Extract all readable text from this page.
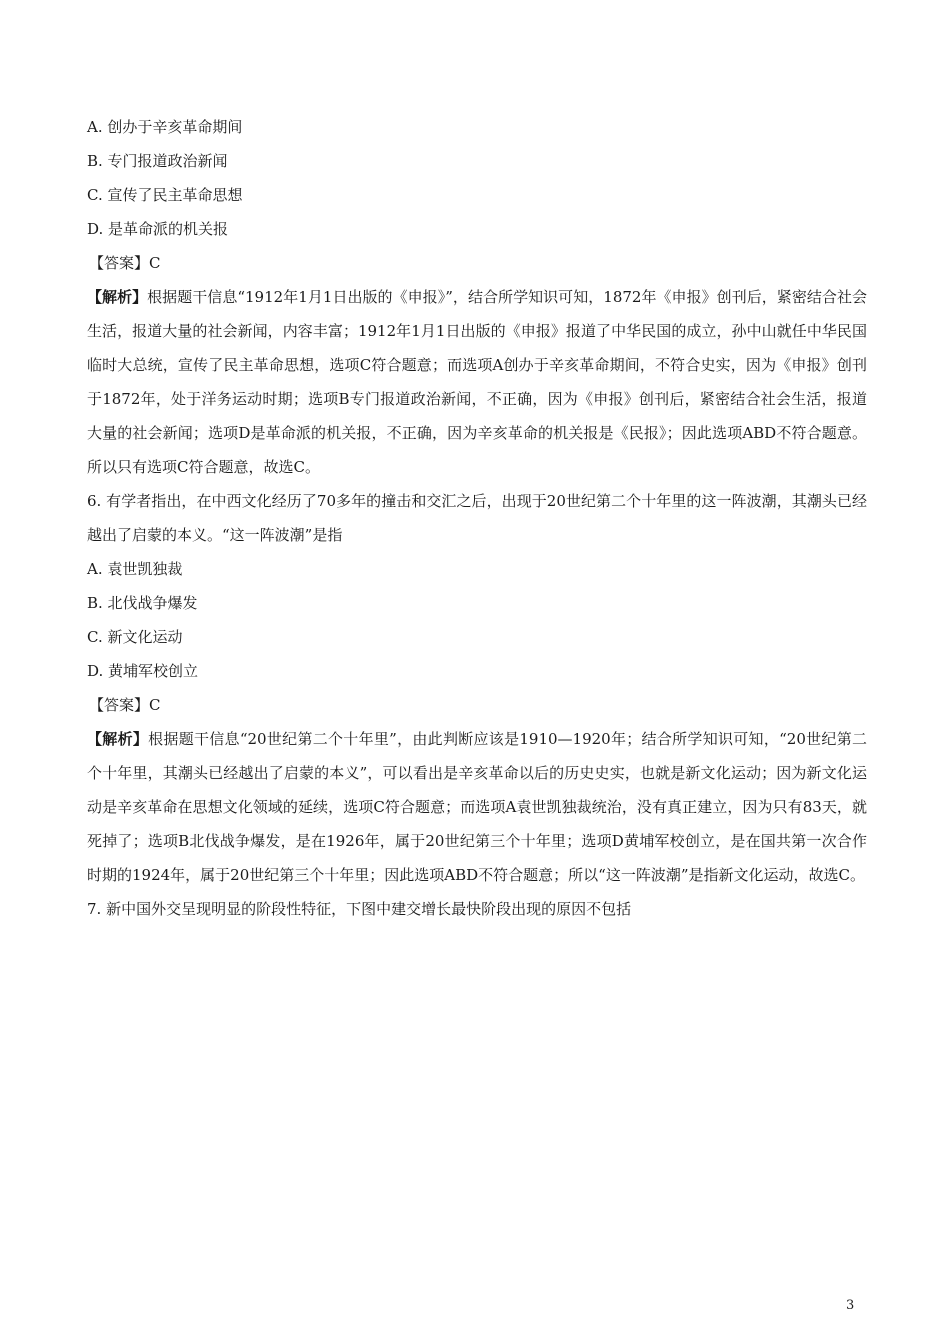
A. 创办于辛亥革命期间
B. 专门报道政治新闻
C. 宣传了民主革命思想
D. 是革命派的机关报
【答案】C
【解析】根据题干信息“1912年1月1日出版的《申报》”，结合所学知识可知，1872年《申报》创刊后，紧密结合社会生活，报道大量的社会新闻，内容丰富；1912年1月1日出版的《申报》报道了中华民国的成立，孙中山就任中华民国临时大总统，宣传了民主革命思想，选项C符合题意；而选项A创办于辛亥革命期间，不符合史实，因为《申报》创刊于1872年，处于洋务运动时期；选项B专门报道政治新闻，不正确，因为《申报》创刊后，紧密结合社会生活，报道大量的社会新闻；选项D是革命派的机关报，不正确，因为辛亥革命的机关报是《民报》；因此选项ABD不符合题意。所以只有选项C符合题意，故选C。
6. 有学者指出，在中西文化经历了70多年的撞击和交汇之后，出现于20世纪第二个十年里的这一阵波潮，其潮头已经越出了启蒙的本义。“这一阵波潮”是指
A. 袁世凯独裁
B. 北伐战争爆发
C. 新文化运动
D. 黄埔军校创立
【答案】C
【解析】根据题干信息“20世纪第二个十年里”，由此判断应该是1910—1920年；结合所学知识可知，“20世纪第二个十年里，其潮头已经越出了启蒙的本义”，可以看出是辛亥革命以后的历史史实，也就是新文化运动；因为新文化运动是辛亥革命在思想文化领域的延续，选项C符合题意；而选项A袁世凯独裁统治，没有真正建立，因为只有83天，就死掉了；选项B北伐战争爆发，是在1926年，属于20世纪第三个十年里；选项D黄埔军校创立，是在国共第一次合作时期的1924年，属于20世纪第三个十年里；因此选项ABD不符合题意；所以“这一阵波潮”是指新文化运动，故选C。
7. 新中国外交呈现明显的阶段性特征，下图中建交增长最快阶段出现的原因不包括
3
